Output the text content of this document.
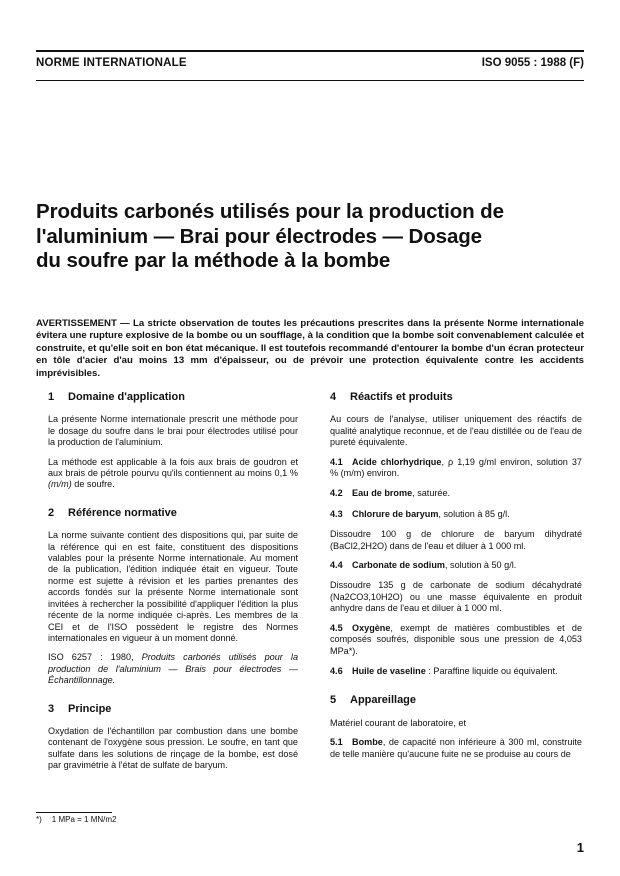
NORME INTERNATIONALE	ISO 9055 : 1988 (F)
Produits carbonés utilisés pour la production de
l'aluminium — Brai pour électrodes — Dosage
du soufre par la méthode à la bombe
AVERTISSEMENT — La stricte observation de toutes les précautions prescrites dans la présente Norme internationale évitera une rupture explosive de la bombe ou un soufflage, à la condition que la bombe soit convenablement calculée et construite, et qu'elle soit en bon état mécanique. Il est toutefois recommandé d'entourer la bombe d'un écran protecteur en tôle d'acier d'au moins 13 mm d'épaisseur, ou de prévoir une protection équivalente contre les accidents imprévisibles.
1 Domaine d'application

La présente Norme internationale prescrit une méthode pour le dosage du soufre dans le brai pour électrodes utilisé pour la production de l'aluminium.

La méthode est applicable à la fois aux brais de goudron et aux brais de pétrole pourvu qu'ils contiennent au moins 0,1 % (m/m) de soufre.

2 Référence normative

La norme suivante contient des dispositions qui, par suite de la référence qui en est faite, constituent des dispositions valables pour la présente Norme internationale. Au moment de la publication, l'édition indiquée était en vigueur. Toute norme est sujette à révision et les parties prenantes des accords fondés sur la présente Norme internationale sont invitées à rechercher la possibilité d'appliquer l'édition la plus récente de la norme indiquée ci-après. Les membres de la CEI et de l'ISO possèdent le registre des Normes internationales en vigueur à un moment donné.

ISO 6257 : 1980, Produits carbonés utilisés pour la production de l'aluminium — Brais pour électrodes — Échantillonnage.

3 Principe

Oxydation de l'échantillon par combustion dans une bombe contenant de l'oxygène sous pression. Le soufre, en tant que sulfate dans les solutions de rinçage de la bombe, est dosé par gravimétrie à l'état de sulfate de baryum.

4 Réactifs et produits

Au cours de l'analyse, utiliser uniquement des réactifs de qualité analytique reconnue, et de l'eau distillée ou de l'eau de pureté équivalente.

4.1 Acide chlorhydrique, ρ 1,19 g/ml environ, solution 37 % (m/m) environ.

4.2 Eau de brome, saturée.

4.3 Chlorure de baryum, solution à 85 g/l.

Dissoudre 100 g de chlorure de baryum dihydraté (BaCl2,2H2O) dans de l'eau et diluer à 1 000 ml.

4.4 Carbonate de sodium, solution à 50 g/l.

Dissoudre 135 g de carbonate de sodium décahydraté (Na2CO3,10H2O) ou une masse équivalente en produit anhydre dans de l'eau et diluer à 1 000 ml.

4.5 Oxygène, exempt de matières combustibles et de composés soufrés, disponible sous une pression de 4,053 MPa*).

4.6 Huile de vaseline : Paraffine liquide ou équivalent.

5 Appareillage

Matériel courant de laboratoire, et

5.1 Bombe, de capacité non inférieure à 300 ml, construite de telle manière qu'aucune fuite ne se produise au cours de

*) 1 MPa = 1 MN/m2
1
